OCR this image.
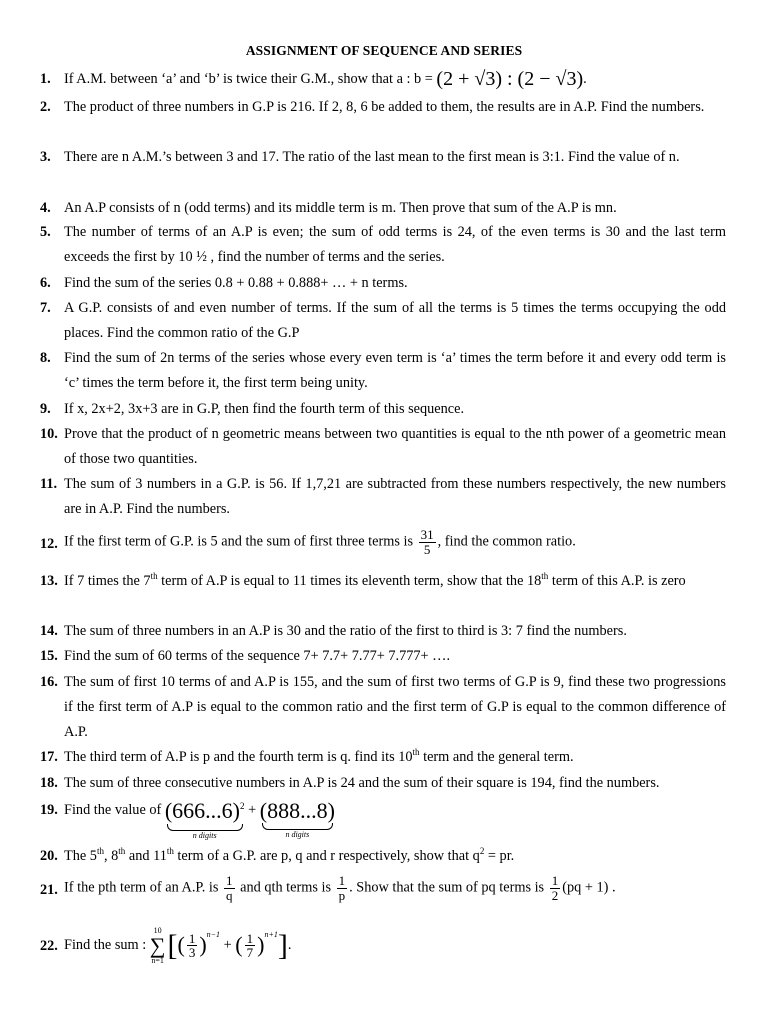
ASSIGNMENT OF SEQUENCE AND SERIES
1. If A.M. between ‘a’ and ‘b’ is twice their G.M., show that a : b = (2 + √3) : (2 − √3).
2. The product of three numbers in G.P is 216. If 2, 8, 6 be added to them, the results are in A.P. Find the numbers.
3. There are n A.M.’s between 3 and 17. The ratio of the last mean to the first mean is 3:1. Find the value of n.
4. An A.P consists of n (odd terms) and its middle term is m. Then prove that sum of the A.P is mn.
5. The number of terms of an A.P is even; the sum of odd terms is 24, of the even terms is 30 and the last term exceeds the first by 10 ½ , find the number of terms and the series.
6. Find the sum of the series 0.8 + 0.88 + 0.888+ … + n terms.
7. A G.P. consists of and even number of terms. If the sum of all the terms is 5 times the terms occupying the odd places. Find the common ratio of the G.P
8. Find the sum of 2n terms of the series whose every even term is ‘a’ times the term before it and every odd term is ‘c’ times the term before it, the first term being unity.
9. If x, 2x+2, 3x+3 are in G.P, then find the fourth term of this sequence.
10. Prove that the product of n geometric means between two quantities is equal to the nth power of a geometric mean of those two quantities.
11. The sum of 3 numbers in a G.P. is 56. If 1,7,21 are subtracted from these numbers respectively, the new numbers are in A.P. Find the numbers.
12. If the first term of G.P. is 5 and the sum of first three terms is $\frac{31}{5}$ , find the common ratio.
13. If 7 times the 7th term of A.P is equal to 11 times its eleventh term, show that the 18th term of this A.P. is zero
14. The sum of three numbers in an A.P is 30 and the ratio of the first to third is 3: 7 find the numbers.
15. Find the sum of 60 terms of the sequence 7+ 7.7+ 7.77+ 7.777+ ….
16. The sum of first 10 terms of and A.P is 155, and the sum of first two terms of G.P is 9, find these two progressions if the first term of A.P is equal to the common ratio and the first term of G.P is equal to the common difference of A.P.
17. The third term of A.P is p and the fourth term is q. find its 10th term and the general term.
18. The sum of three consecutive numbers in A.P is 24 and the sum of their square is 194, find the numbers.
19. Find the value of $(666...6)^2$
n digits
+ (888...8)
n digits
20. The 5th, 8th and 11th term of a G.P. are p, q and r respectively, show that $q^2$ = pr.
21. If the pth term of an A.P. is $\frac{1}{q}$ and qth terms is $\frac{1}{p}$ . Show that the sum of pq terms is $\frac{1}{2} (pq + 1)$ .
22. Find the sum :
10
∑
n=1 [( $\frac{1}{3} )^{n-1}$ + ( $\frac{1}{7} )^{n+1}$].
